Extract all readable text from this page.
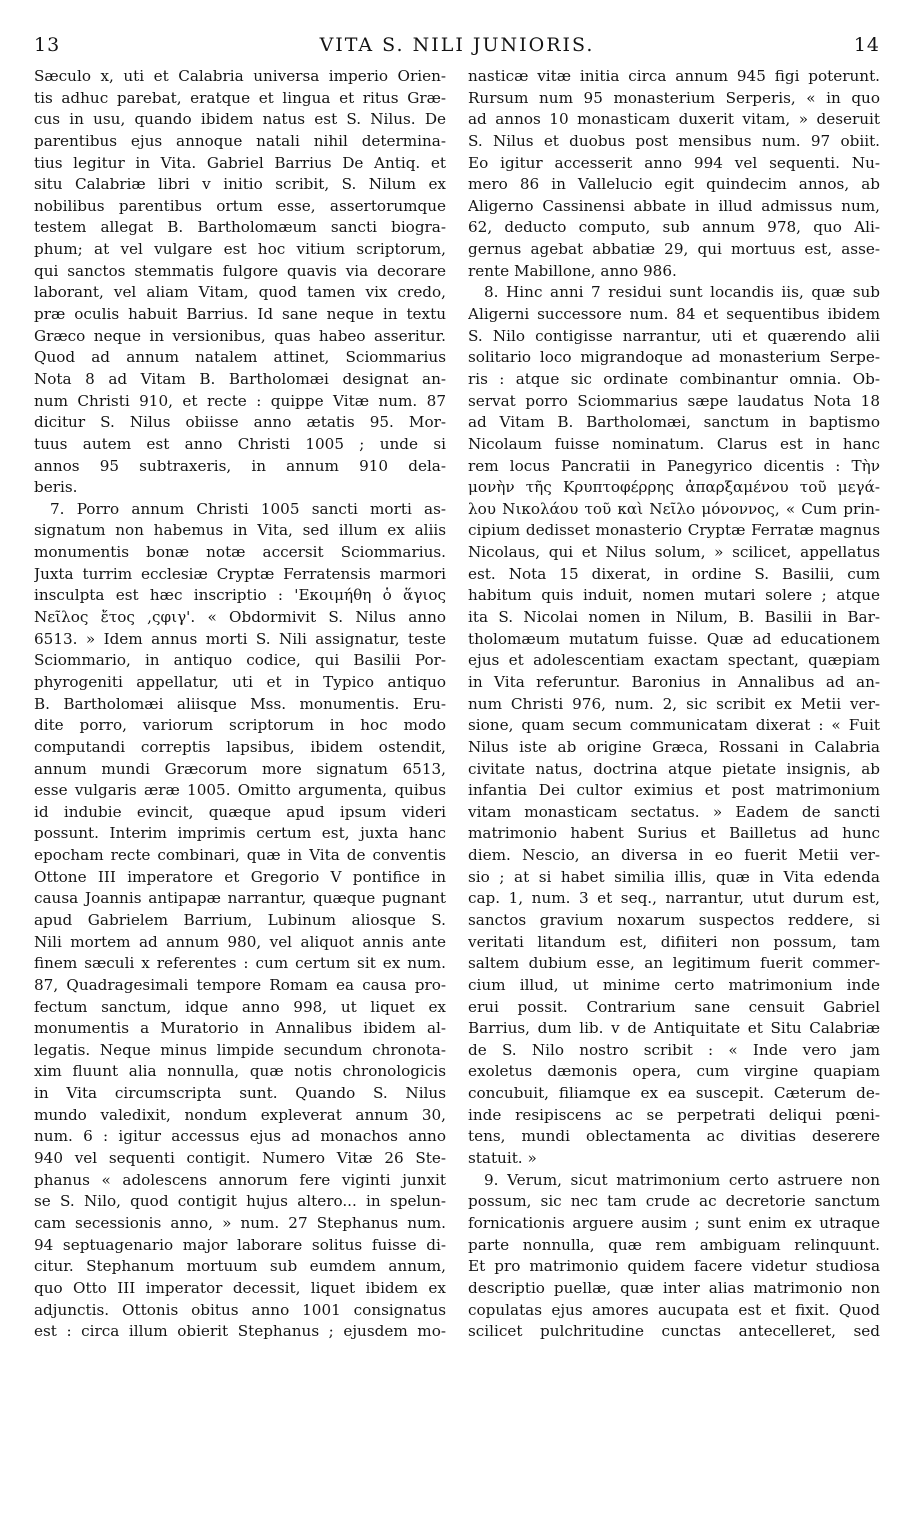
13	VITA S. NILI JUNIORIS.	14
Sæculo x, uti et Calabria universa imperio Orien-
tis adhuc parebat, eratque et lingua et ritus Græ-
cus in usu, quando ibidem natus est S. Nilus. De
parentibus ejus annoque natali nihil determina-
tius legitur in Vita. Gabriel Barrius De Antiq. et
situ Calabriæ libri v initio scribit, S. Nilum ex
nobilibus parentibus ortum esse, assertorumque
testem allegat B. Bartholomæum sancti biogra-
phum; at vel vulgare est hoc vitium scriptorum,
qui sanctos stemmatis fulgore quavis via decorare
laborant, vel aliam Vitam, quod tamen vix credo,
præ oculis habuit Barrius. Id sane neque in textu
Græco neque in versionibus, quas habeo asseritur.
Quod ad annum natalem attinet, Sciommarius
Nota 8 ad Vitam B. Bartholomæi designat an-
num Christi 910, et recte : quippe Vitæ num. 87
dicitur S. Nilus obiisse anno ætatis 95. Mor-
tuus autem est anno Christi 1005 ; unde si
annos 95 subtraxeris, in annum 910 dela-
beris.
7. Porro annum Christi 1005 sancti morti as-
signatum non habemus in Vita, sed illum ex aliis
monumentis bonæ notæ accersit Sciommarius.
Juxta turrim ecclesiæ Cryptæ Ferratensis marmori
insculpta est hæc inscriptio : 'Εκοιμήθη ὁ ἅγιος
Νεῖλος ἔτος ,ςφιγ'. « Obdormivit S. Nilus anno
6513. » Idem annus morti S. Nili assignatur, teste
Sciommario, in antiquo codice, qui Basilii Por-
phyrogeniti appellatur, uti et in Typico antiquo
B. Bartholomæi aliisque Mss. monumentis. Eru-
dite porro, variorum scriptorum in hoc modo
computandi correptis lapsibus, ibidem ostendit,
annum mundi Græcorum more signatum 6513,
esse vulgaris æræ 1005. Omitto argumenta, quibus
id indubie evincit, quæque apud ipsum videri
possunt. Interim imprimis certum est, juxta hanc
epocham recte combinari, quæ in Vita de conventis
Ottone III imperatore et Gregorio V pontifice in
causa Joannis antipapæ narrantur, quæque pugnant
apud Gabrielem Barrium, Lubinum aliosque S.
Nili mortem ad annum 980, vel aliquot annis ante
finem sæculi x referentes : cum certum sit ex num.
87, Quadragesimali tempore Romam ea causa pro-
fectum sanctum, idque anno 998, ut liquet ex
monumentis a Muratorio in Annalibus ibidem al-
legatis. Neque minus limpide secundum chronota-
xim fluunt alia nonnulla, quæ notis chronologicis
in Vita circumscripta sunt. Quando S. Nilus
mundo valedixit, nondum expleverat annum 30,
num. 6 : igitur accessus ejus ad monachos anno
940 vel sequenti contigit. Numero Vitæ 26 Ste-
phanus « adolescens annorum fere viginti junxit
se S. Nilo, quod contigit hujus altero... in spelun-
cam secessionis anno, » num. 27 Stephanus num.
94 septuagenario major laborare solitus fuisse di-
citur. Stephanum mortuum sub eumdem annum,
quo Otto III imperator decessit, liquet ibidem ex
adjunctis. Ottonis obitus anno 1001 consignatus
est : circa illum obierit Stephanus ; ejusdem mo-
nasticæ vitæ initia circa annum 945 figi poterunt.
Rursum num 95 monasterium Serperis, « in quo
ad annos 10 monasticam duxerit vitam, » deseruit
S. Nilus et duobus post mensibus num. 97 obiit.
Eo igitur accesserit anno 994 vel sequenti. Nu-
mero 86 in Vallelucio egit quindecim annos, ab
Aligerno Cassinensi abbate in illud admissus num,
62, deducto computo, sub annum 978, quo Ali-
gernus agebat abbatiæ 29, qui mortuus est, asse-
rente Mabillone, anno 986.
8. Hinc anni 7 residui sunt locandis iis, quæ sub
Aligerni successore num. 84 et sequentibus ibidem
S. Nilo contigisse narrantur, uti et quærendo alii
solitario loco migrandoque ad monasterium Serpe-
ris : atque sic ordinate combinantur omnia. Ob-
servat porro Sciommarius sæpe laudatus Nota 18
ad Vitam B. Bartholomæi, sanctum in baptismo
Nicolaum fuisse nominatum. Clarus est in hanc
rem locus Pancratii in Panegyrico dicentis : Τὴν
μονὴν τῆς Κρυπτοφέρρης ἀπαρξαμένου τοῦ μεγά-
λου Νικολάου τοῦ καὶ Νεῖλο μόνοννος, « Cum prin-
cipium dedisset monasterio Cryptæ Ferratæ magnus
Nicolaus, qui et Nilus solum, » scilicet, appellatus
est. Nota 15 dixerat, in ordine S. Basilii, cum
habitum quis induit, nomen mutari solere ; atque
ita S. Nicolai nomen in Nilum, B. Basilii in Bar-
tholomæum mutatum fuisse. Quæ ad educationem
ejus et adolescentiam exactam spectant, quæpiam
in Vita referuntur. Baronius in Annalibus ad an-
num Christi 976, num. 2, sic scribit ex Metii ver-
sione, quam secum communicatam dixerat : « Fuit
Nilus iste ab origine Græca, Rossani in Calabria
civitate natus, doctrina atque pietate insignis, ab
infantia Dei cultor eximius et post matrimonium
vitam monasticam sectatus. » Eadem de sancti
matrimonio habent Surius et Bailletus ad hunc
diem. Nescio, an diversa in eo fuerit Metii ver-
sio ; at si habet similia illis, quæ in Vita edenda
cap. 1, num. 3 et seq., narrantur, utut durum est,
sanctos gravium noxarum suspectos reddere, si
veritati litandum est, difiiteri non possum, tam
saltem dubium esse, an legitimum fuerit commer-
cium illud, ut minime certo matrimonium inde
erui possit. Contrarium sane censuit Gabriel
Barrius, dum lib. v de Antiquitate et Situ Calabriæ
de S. Nilo nostro scribit : « Inde vero jam
exoletus dæmonis opera, cum virgine quapiam
concubuit, filiamque ex ea suscepit. Cæterum de-
inde resipiscens ac se perpetrati deliqui pœni-
tens, mundi oblectamenta ac divitias deserere
statuit. »
9. Verum, sicut matrimonium certo astruere non
possum, sic nec tam crude ac decretorie sanctum
fornicationis arguere ausim ; sunt enim ex utraque
parte nonnulla, quæ rem ambiguam relinquunt.
Et pro matrimonio quidem facere videtur studiosa
descriptio puellæ, quæ inter alias matrimonio non
copulatas ejus amores aucupata est et fixit. Quod
scilicet pulchritudine cunctas antecelleret, sed
